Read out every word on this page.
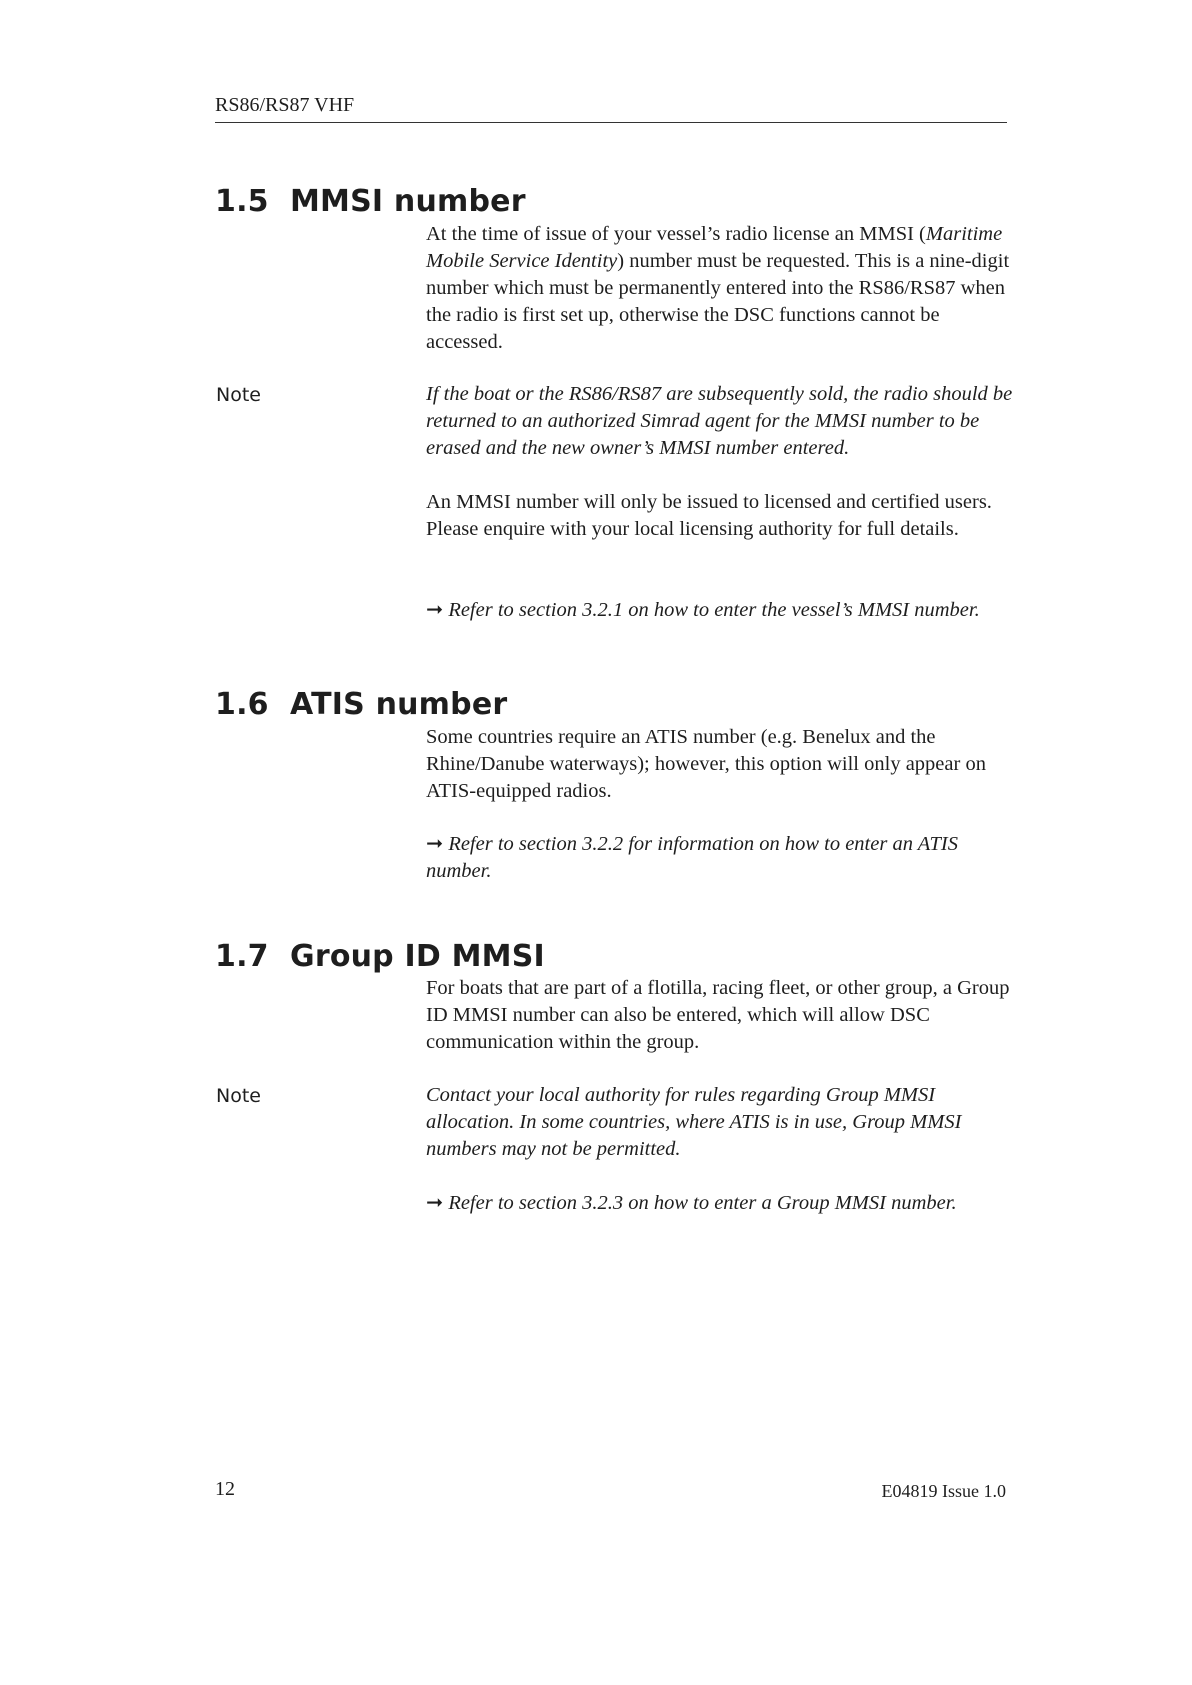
RS86/RS87 VHF
1.5 MMSI number

At the time of issue of your vessel’s radio license an MMSI (Maritime Mobile Service Identity) number must be requested. This is a nine-digit number which must be permanently entered into the RS86/RS87 when the radio is first set up, otherwise the DSC functions cannot be accessed.

Note	If the boat or the RS86/RS87 are subsequently sold, the radio should be returned to an authorized Simrad agent for the MMSI number to be erased and the new owner’s MMSI number entered.

An MMSI number will only be issued to licensed and certified users. Please enquire with your local licensing authority for full details.

➞ Refer to section 3.2.1 on how to enter the vessel’s MMSI number.

1.6 ATIS number

Some countries require an ATIS number (e.g. Benelux and the Rhine/Danube waterways); however, this option will only appear on ATIS-equipped radios.

➞ Refer to section 3.2.2 for information on how to enter an ATIS number.

1.7 Group ID MMSI

For boats that are part of a flotilla, racing fleet, or other group, a Group ID MMSI number can also be entered, which will allow DSC communication within the group.

Note	Contact your local authority for rules regarding Group MMSI allocation. In some countries, where ATIS is in use, Group MMSI numbers may not be permitted.

➞ Refer to section 3.2.3 on how to enter a Group MMSI number.

12	E04819 Issue 1.0
